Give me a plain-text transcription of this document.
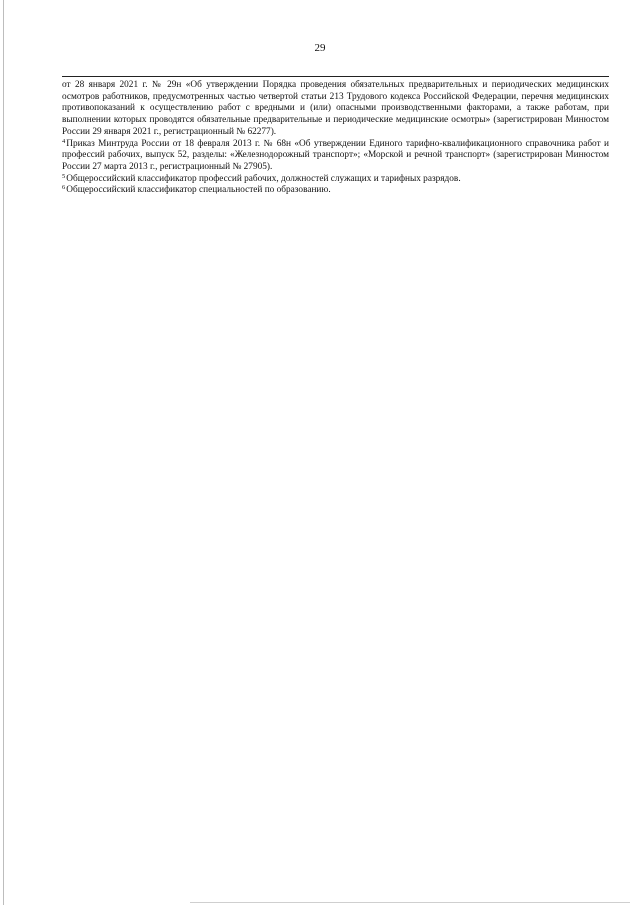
29

от 28 января 2021 г. № 29н «Об утверждении Порядка проведения обязательных предварительных и периодических медицинских осмотров работников, предусмотренных частью четвертой статьи 213 Трудового кодекса Российской Федерации, перечня медицинских противопоказаний к осуществлению работ с вредными и (или) опасными производственными факторами, а также работам, при выполнении которых проводятся обязательные предварительные и периодические медицинские осмотры» (зарегистрирован Минюстом России 29 января 2021 г., регистрационный № 62277).

$^4$Приказ Минтруда России от 18 февраля 2013 г. № 68н «Об утверждении Единого тарифно-квалификационного справочника работ и профессий рабочих, выпуск 52, разделы: «Железнодорожный транспорт»; «Морской и речной транспорт» (зарегистрирован Минюстом России 27 марта 2013 г., регистрационный № 27905).

$^5$Общероссийский классификатор профессий рабочих, должностей служащих и тарифных разрядов.

$^6$Общероссийский классификатор специальностей по образованию.
